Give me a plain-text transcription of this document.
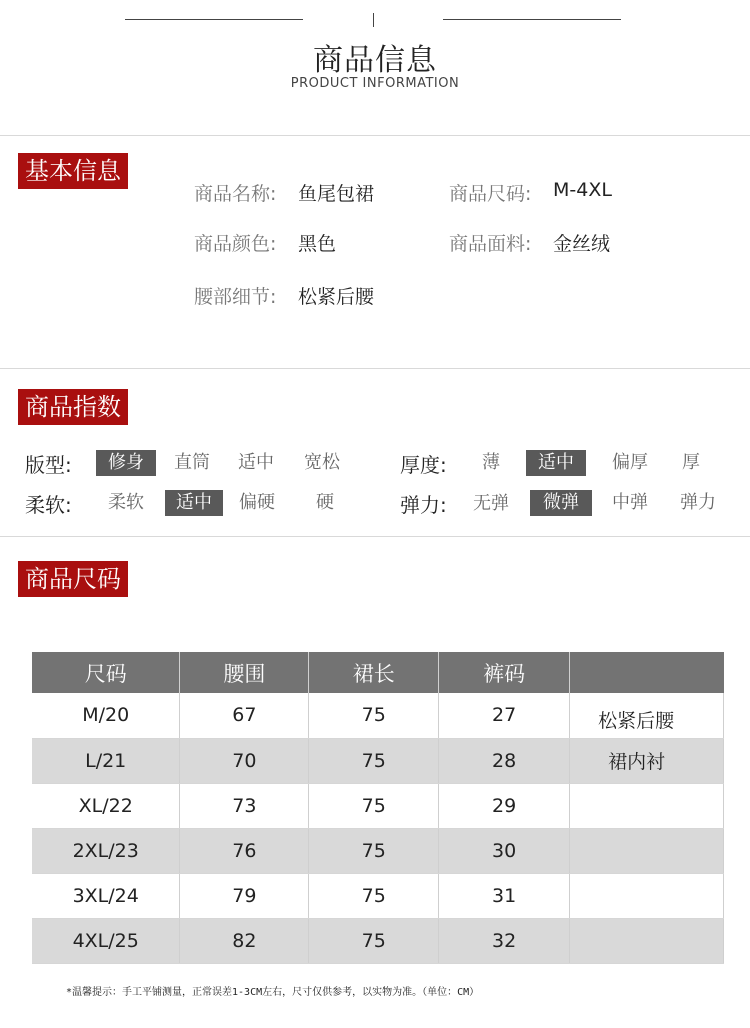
商品信息
PRODUCT INFORMATION
基本信息
商品名称: 鱼尾包裙	商品尺码: M-4XL
商品颜色: 黑色	商品面料: 金丝绒
腰部细节: 松紧后腰
商品指数
版型:	修身	直筒	适中	宽松	厚度:	薄	适中	偏厚	厚
柔软:	柔软	适中	偏硬	硬	弹力:	无弹	微弹	中弹	弹力
商品尺码
尺码	腰围	裙长	裤码	
M/20	67	75	27	松紧后腰
L/21	70	75	28	裙内衬
XL/22	73	75	29	
2XL/23	76	75	30	
3XL/24	79	75	31	
4XL/25	82	75	32	
*温馨提示：手工平铺测量，正常误差1-3CM左右，尺寸仅供参考，以实物为准。（单位：CM）
